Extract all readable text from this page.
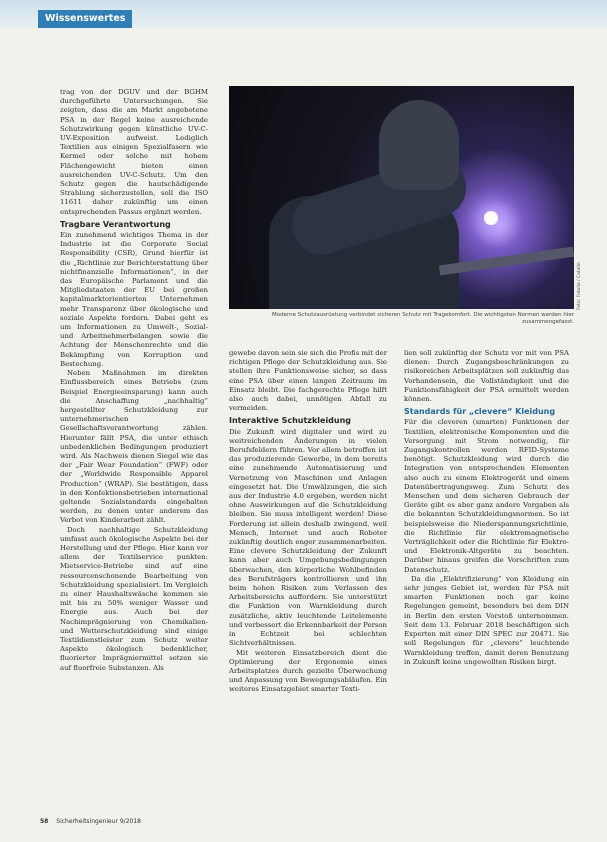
Wissenswertes
Foto: Fotolia / Catalin
Moderne Schutzausrüstung verbindet sicheren Schutz mit Tragekomfort. Die wichtigsten Normen werden hier zusammengefasst.

trag von der DGUV und der BGHM durchgeführte Untersuchungen. Sie zeigten, dass die am Markt angebotene PSA in der Regel keine ausreichende Schutzwirkung gegen künstliche UV-C-UV-Exposition aufweist. Lediglich Textilien aus einigen Spezialfasern wie Kermel oder solche mit hohem Flächengewicht bieten einen ausreichenden UV-C-Schutz. Um den Schutz gegen die hautschädigende Strahlung sicherzustellen, soll die ISO 11611 daher zukünftig um einen entsprechenden Passus ergänzt werden.

Tragbare Verantwortung

Ein zunehmend wichtiges Thema in der Industrie ist die Corporate Social Responsibility (CSR), Grund hierfür ist die „Richtlinie zur Berichterstattung über nichtfinanzielle Informationen“, in der das Europäische Parlament und die Mitgliedstaaten der EU bei großen kapitalmarktorientierten Unternehmen mehr Transparenz über ökologische und soziale Aspekte fordern. Dabei geht es um Informationen zu Umwelt-, Sozial- und Arbeitnehmerbelangen sowie die Achtung der Menschenrechte und die Bekämpfung von Korruption und Bestechung.

Neben Maßnahmen im direkten Einflussbereich eines Betriebs (zum Beispiel Energieeinsparung) kann auch die Anschaffung „nachhaltig“ hergestellter Schutzkleidung zur unternehmerischen Gesellschaftsverantwortung zählen. Hierunter fällt PSA, die unter ethisch unbedenklichen Bedingungen produziert wird. Als Nachweis dienen Siegel wie das der „Fair Wear Foundation“ (FWF) oder der „Worldwide Responsible Apparel Production“ (WRAP). Sie bestätigen, dass in den Konfektionsbetrieben international geltende Sozialstandards eingehalten werden, zu denen unter anderem das Verbot von Kinderarbeit zählt.

Doch nachhaltige Schutzkleidung umfasst auch ökologische Aspekte bei der Herstellung und der Pflege. Hier kann vor allem der Textilservice punkten: Mietservice-Betriebe sind auf eine ressourcenschonende Bearbeitung von Schutzkleidung spezialisiert. Im Vergleich zu einer Haushaltswäsche kommen sie mit bis zu 50% weniger Wasser und Energie aus. Auch bei der Nachimprägnierung von Chemikalien- und Wetterschutzkleidung sind einige Textildienstleister zum Schutz weiter Aspekte ökologisch bedenklicher, fluorierter Imprägniermittel setzen sie auf fluorfreie Substanzen. Als

gewebe davon sein sie sich die Profis mit der richtigen Pflege der Schutzkleidung aus. Sie stellen ihre Funktionsweise sicher, so dass eine PSA über einen langen Zeitraum im Einsatz bleibt. Die fachgerechte Pflege hilft also auch dabei, unnötigen Abfall zu vermeiden.

Interaktive Schutzkleidung

Die Zukunft wird digitaler und wird zu weitreichenden Änderungen in vielen Berufsfeldern führen. Vor allem betroffen ist das produzierende Gewerbe, in dem bereits eine zunehmende Automatisierung und Vernetzung von Maschinen und Anlagen eingesetzt hat. Die Umwälzungen, die sich aus der Industrie 4.0 ergeben, werden nicht ohne Auswirkungen auf die Schutzkleidung bleiben. Sie muss intelligent werden! Diese Forderung ist allein deshalb zwingend, weil Mensch, Internet und auch Roboter zukünftig deutlich enger zusammenarbeiten. Eine clevere Schutzkleidung der Zukunft kann aber auch Umgebungsbedingungen überwachen, den körperliche Wohlbefinden des Berufsträgers kontrollieren und ihn beim hohen Risiken zum Verlassen des Arbeitsbereichs auffordern. Sie unterstützt die Funktion von Warnkleidung durch zusätzliche, aktiv leuchtende Leitelemente und verbessert die Erkennbarkeit der Person in Echtzeit bei schlechten Sichtverhältnissen.

Mit weiteren Einsatzbereich dient die Optimierung der Ergonomie eines Arbeitsplatzes durch gezielte Überwachung und Anpassung von Bewegungsabläufen. Ein weiteres Einsatzgebiet smarter Texti-

lien soll zukünftig der Schutz vor mit von PSA dienen: Durch Zugangsbeschränkungen zu risikoreichen Arbeitsplätzen soll zukünftig das Vorhandensein, die Vollständigkeit und die Funktionsfähigkeit der PSA ermittelt werden können.

Standards für „clevere“ Kleidung

Für die cleveren (smarten) Funktionen der Textilien, elektronische Komponenten und die Versorgung mit Strom notwendig, für Zugangskontrollen werden RFID-Systeme benötigt. Schutzkleidung wird durch die Integration von entsprechenden Elementen also auch zu einem Elektrogerät und einem Datenübertragungsweg. Zum Schutz des Menschen und dem sicheren Gebrauch der Geräte gibt es aber ganz andere Vorgaben als die bekannten Schutzkleidungsnormen. So ist beispielsweise die Niederspannungsrichtlinie, die Richtlinie für elektromagnetische Verträglichkeit oder die Richtlinie für Elektro- und Elektronik-Altgeräte zu beachten. Darüber hinaus greifen die Vorschriften zum Datenschutz.

Da die „Elektrifizierung“ von Kleidung ein sehr junges Gebiet ist, werden für PSA mit smarten Funktionen noch gar keine Regelungen gemeint, besonders bei dem DIN in Berlin den ersten Vorstoß unternommen. Seit dem 13. Februar 2018 beschäftigen sich Experten mit einer DIN SPEC zur 20471. Sie soll Regelungen für „clevere“ leuchtende Warnkleidung treffen, damit deren Benutzung in Zukunft keine ungewollten Risiken birgt.

58 Sicherheitsingenieur 9/2018
